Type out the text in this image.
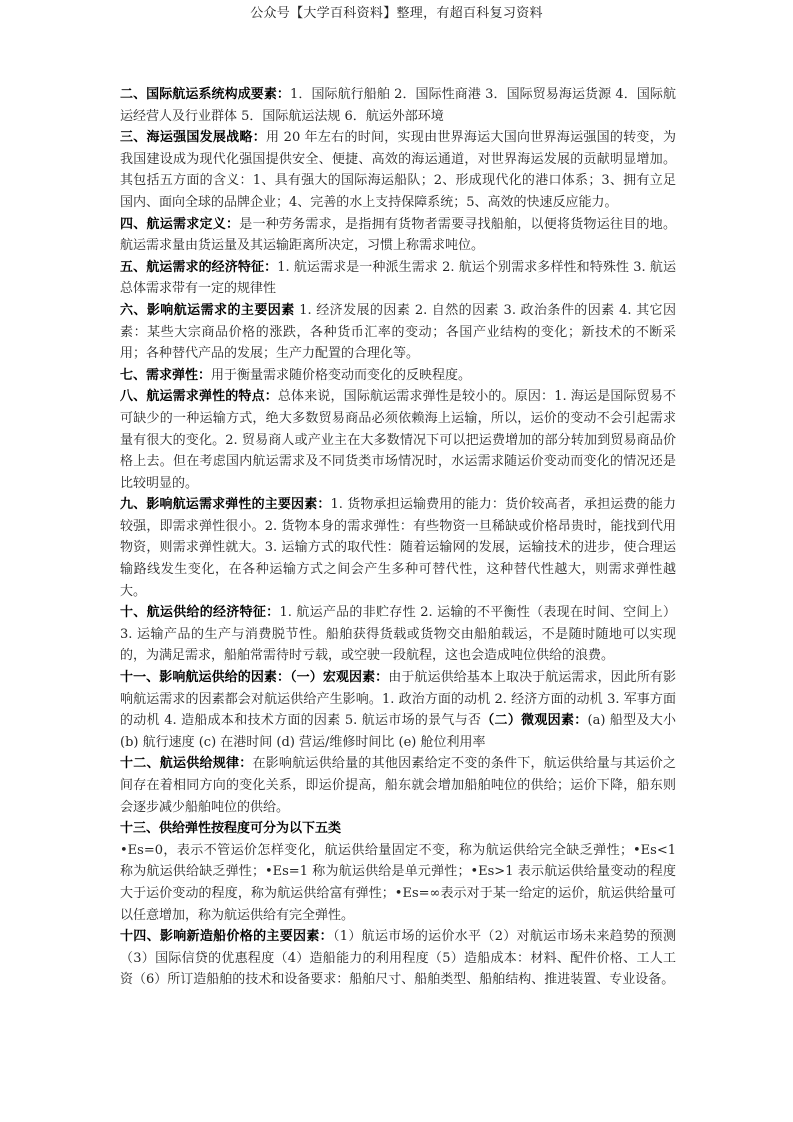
公众号【大学百科资料】整理，有超百科复习资料

二、国际航运系统构成要素：1．国际航行船舶 2．国际性商港 3．国际贸易海运货源 4．国际航运经营人及行业群体 5．国际航运法规 6．航运外部环境

三、海运强国发展战略：用 20 年左右的时间，实现由世界海运大国向世界海运强国的转变，为我国建设成为现代化强国提供安全、便捷、高效的海运通道，对世界海运发展的贡献明显增加。其包括五方面的含义：1、具有强大的国际海运船队；2、形成现代化的港口体系；3、拥有立足国内、面向全球的品牌企业；4、完善的水上支持保障系统；5、高效的快速反应能力。

四、航运需求定义：是一种劳务需求，是指拥有货物者需要寻找船舶，以便将货物运往目的地。航运需求量由货运量及其运输距离所决定，习惯上称需求吨位。

五、航运需求的经济特征：1. 航运需求是一种派生需求 2. 航运个别需求多样性和特殊性 3. 航运总体需求带有一定的规律性

六、影响航运需求的主要因素 1. 经济发展的因素 2. 自然的因素 3. 政治条件的因素 4. 其它因素：某些大宗商品价格的涨跌，各种货币汇率的变动；各国产业结构的变化；新技术的不断采用；各种替代产品的发展；生产力配置的合理化等。

七、需求弹性：用于衡量需求随价格变动而变化的反映程度。

八、航运需求弹性的特点：总体来说，国际航运需求弹性是较小的。原因：1. 海运是国际贸易不可缺少的一种运输方式，绝大多数贸易商品必须依赖海上运输，所以，运价的变动不会引起需求量有很大的变化。2. 贸易商人或产业主在大多数情况下可以把运费增加的部分转加到贸易商品价格上去。但在考虑国内航运需求及不同货类市场情况时，水运需求随运价变动而变化的情况还是比较明显的。

九、影响航运需求弹性的主要因素：1. 货物承担运输费用的能力：货价较高者，承担运费的能力较强，即需求弹性很小。2. 货物本身的需求弹性：有些物资一旦稀缺或价格昂贵时，能找到代用物资，则需求弹性就大。3. 运输方式的取代性：随着运输网的发展，运输技术的进步，使合理运输路线发生变化，在各种运输方式之间会产生多种可替代性，这种替代性越大，则需求弹性越大。

十、航运供给的经济特征：1. 航运产品的非贮存性 2. 运输的不平衡性（表现在时间、空间上）3. 运输产品的生产与消费脱节性。船舶获得货载或货物交由船舶载运，不是随时随地可以实现的，为满足需求，船舶常需待时亏载，或空驶一段航程，这也会造成吨位供给的浪费。

十一、影响航运供给的因素：（一）宏观因素：由于航运供给基本上取决于航运需求，因此所有影响航运需求的因素都会对航运供给产生影响。1. 政治方面的动机 2. 经济方面的动机 3. 军事方面的动机 4. 造船成本和技术方面的因素 5. 航运市场的景气与否（二）微观因素：(a) 船型及大小 (b) 航行速度 (c) 在港时间 (d) 营运/维修时间比 (e) 舱位利用率

十二、航运供给规律：在影响航运供给量的其他因素给定不变的条件下，航运供给量与其运价之间存在着相同方向的变化关系，即运价提高，船东就会增加船舶吨位的供给；运价下降，船东则会逐步减少船舶吨位的供给。

十三、供给弹性按程度可分为以下五类

•Es=0，表示不管运价怎样变化，航运供给量固定不变，称为航运供给完全缺乏弹性；•Es<1 称为航运供给缺乏弹性；•Es=1 称为航运供给是单元弹性；•Es>1 表示航运供给量变动的程度大于运价变动的程度，称为航运供给富有弹性；•Es=∞表示对于某一给定的运价，航运供给量可以任意增加，称为航运供给有完全弹性。

十四、影响新造船价格的主要因素：（1）航运市场的运价水平（2）对航运市场未来趋势的预测（3）国际信贷的优惠程度（4）造船能力的利用程度（5）造船成本：材料、配件价格、工人工资（6）所订造船舶的技术和设备要求：船舶尺寸、船舶类型、船舶结构、推进装置、专业设备。
